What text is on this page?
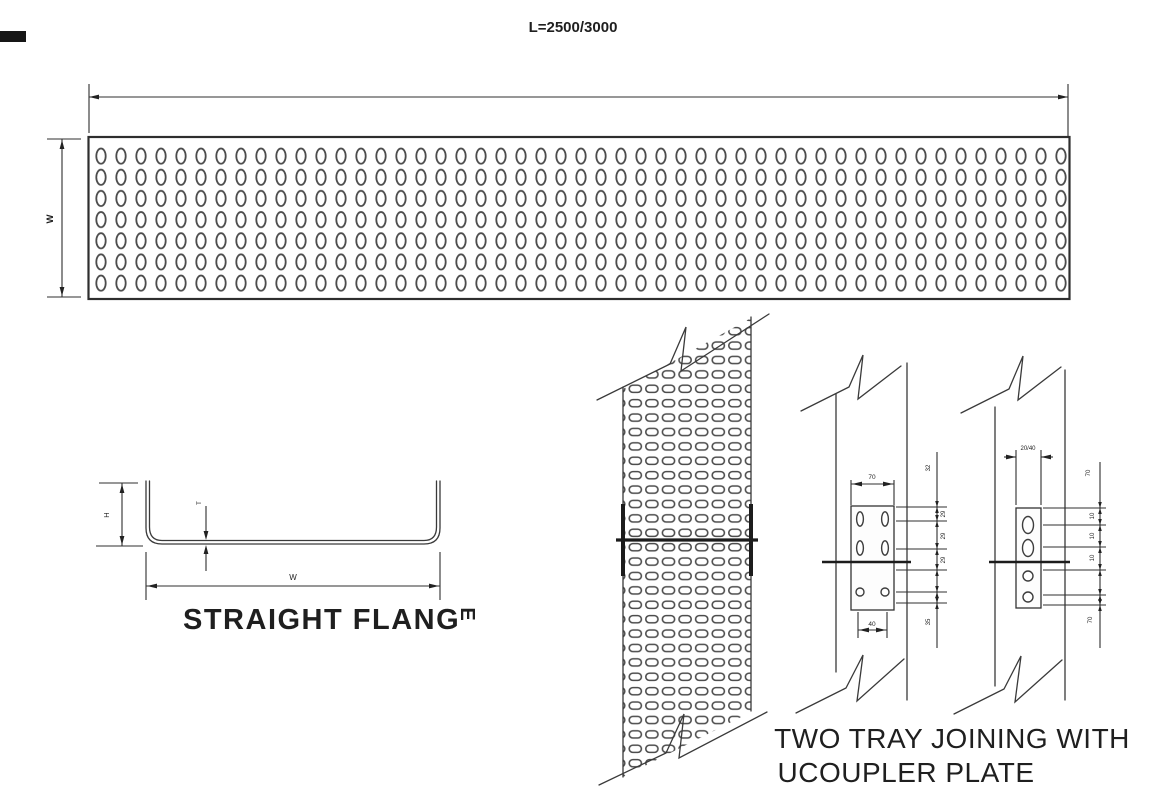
L=2500/3000
W
H
T
W
STRAIGHT FLANG
E
70
40
32
29
29
29
35
20/40
70
10
10
10
70
TWO TRAY JOINING WITH
UCOUPLER PLATE
